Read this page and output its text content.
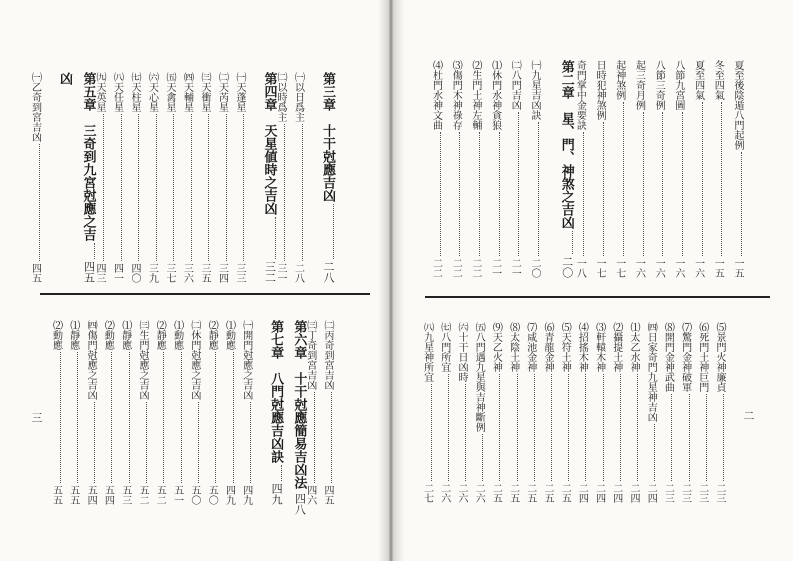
夏至後陰遁八門起例
一五
冬至四氣
一五
夏至四氣
一六
八節九宮圖
一六
八節三奇例
一六
起三奇月例
一六
起神煞例
一七
日時犯神煞例
一七
奇門掌中金要訣
一八
第二章　星、門、神煞之吉凶
二〇
㈠九星吉凶訣
二〇
㈡八門吉凶
二一
⑴休門水神貪狼
二一
⑵生門土神左輔
二二
⑶傷門木神祿存
二二
⑷杜門水神文曲
二二
⑸景門火神廉貞
二三
⑹死門土神巨門
二三
⑺驚門金神破軍
二三
⑻開門金神武曲
二三
㈣日家奇門九星神吉凶
二四
⑴太乙水神
二四
⑵攝提土神
二四
⑶軒轅木神
二四
⑷招搖木神
二四
⑸天符土神
二五
⑹青龍金神
二五
⑺咸池金神
二五
⑻太陰土神
二五
⑼天乙火神
二五
㈤八門遇九星與吉神斷例
二六
㈥十干日凶時
二六
㈦八門所宜
二六
㈧九星神所宜
二七
第三章　十干尅應吉凶
二八
㈠以日爲主
二八
㈡以時爲主
三一
第四章　天星値時之吉凶
三二
㈠天蓬星
三三
㈡天芮星
三四
㈢天衝星
三五
㈣天輔星
三六
㈤天禽星
三七
㈥天心星
三九
㈦天柱星
四〇
㈧天任星
四一
㈨天英星
四三
第五章　三奇到九宮尅應之吉
四五
凶
㈠乙奇到宮吉凶
四五
㈡丙奇到宮吉凶
四五
㈢丁奇到宮吉凶
四六
第六章　十干尅應簡易吉凶法
四八
第七章　八門尅應吉凶訣
四九
㈠開門尅應之吉凶
四九
⑴動應
四九
⑵靜應
五〇
㈡休門尅應之吉凶
五〇
⑴動應
五一
⑵靜應
五二
㈢生門尅應之吉凶
五二
⑴靜應
五三
⑵動應
五四
㈣傷門尅應之吉凶
五四
⑴靜應
五五
⑵動應
五五
二
三
